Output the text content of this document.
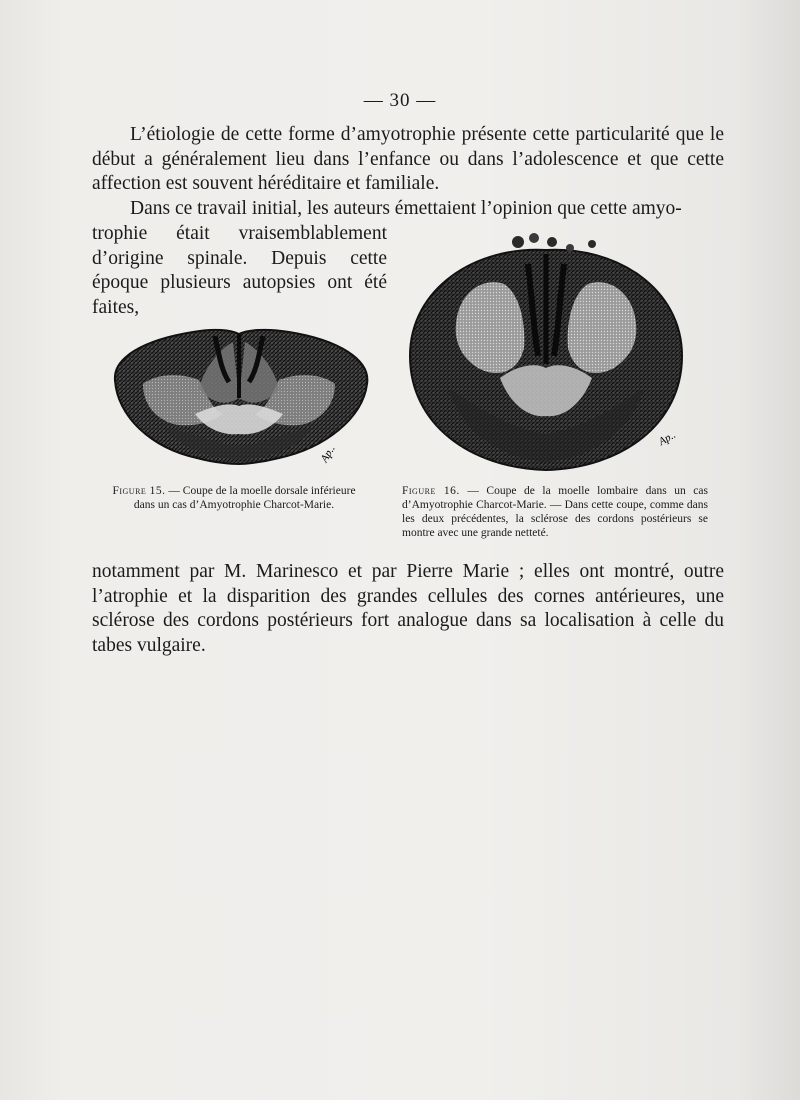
— 30 —

L’étiologie de cette forme d’amyotrophie présente cette particularité que le début a généralement lieu dans l’enfance ou dans l’adolescence et que cette affection est souvent héréditaire et familiale.

Dans ce travail initial, les auteurs émettaient l’opinion que cette amyo-

trophie était vraisemblablement d’origine spinale. Depuis cette époque plusieurs autopsies ont été faites,

Ap..
Ap..

Figure 15. — Coupe de la moelle dorsale inférieure dans un cas d’Amyotrophie Charcot-Marie.

Figure 16. — Coupe de la moelle lombaire dans un cas d’Amyotrophie Charcot-Marie. — Dans cette coupe, comme dans les deux précédentes, la sclérose des cordons postérieurs se montre avec une grande netteté.

notamment par M. Marinesco et par Pierre Marie ; elles ont montré, outre l’atrophie et la disparition des grandes cellules des cornes antérieures, une sclérose des cordons postérieurs fort analogue dans sa localisation à celle du tabes vulgaire.
